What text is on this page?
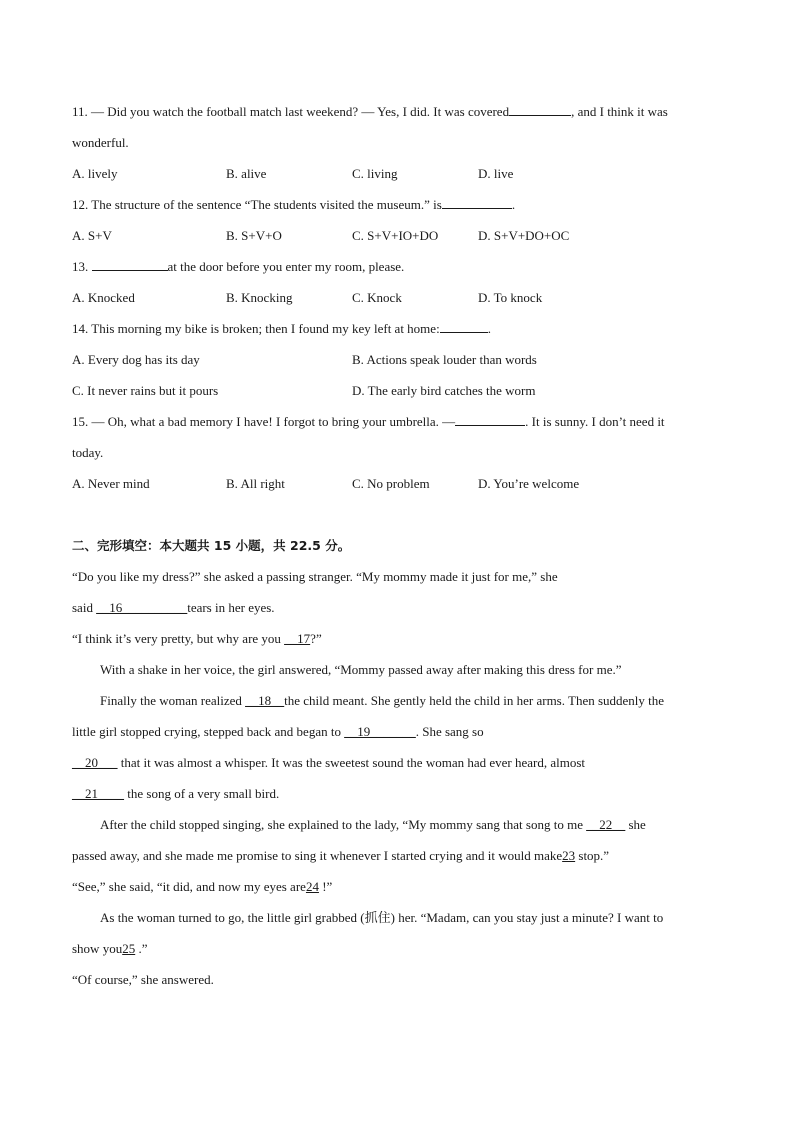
11. — Did you watch the football match last weekend? — Yes, I did. It was covered	, and I think it was
wonderful.
A. lively	B. alive	C. living	D. live
12. The structure of the sentence “The students visited the museum.” is	.
A. S+V	B. S+V+O	C. S+V+IO+DO	D. S+V+DO+OC
13.	at the door before you enter my room, please.
A. Knocked	B. Knocking	C. Knock	D. To knock
14. This morning my bike is broken; then I found my key left at home:	.
A. Every dog has its day	B. Actions speak louder than words
C. It never rains but it pours	D. The early bird catches the worm
15. — Oh, what a bad memory I have! I forgot to bring your umbrella. —	. It is sunny. I don’t need it
today.
A. Never mind	B. All right	C. No problem	D. You’re welcome
二、完形填空：本大题共 15 小题，共 22.5 分。
“Do you like my dress?” she asked a passing stranger. “My mommy made it just for me,” she
said __16__________tears in her eyes.
“I think it’s very pretty, but why are you __17?”
With a shake in her voice, the girl answered, “Mommy passed away after making this dress for me.”
Finally the woman realized __18__the child meant. She gently held the child in her arms. Then suddenly the
little girl stopped crying, stepped back and began to __19_______. She sang so
__20___ that it was almost a whisper. It was the sweetest sound the woman had ever heard, almost
__21____ the song of a very small bird.
After the child stopped singing, she explained to the lady, “My mommy sang that song to me __22__ she
passed away, and she made me promise to sing it whenever I started crying and it would make23 stop.”
“See,” she said, “it did, and now my eyes are24 !”
As the woman turned to go, the little girl grabbed (抓住) her. “Madam, can you stay just a minute? I want to
show you25 .”
“Of course,” she answered.
